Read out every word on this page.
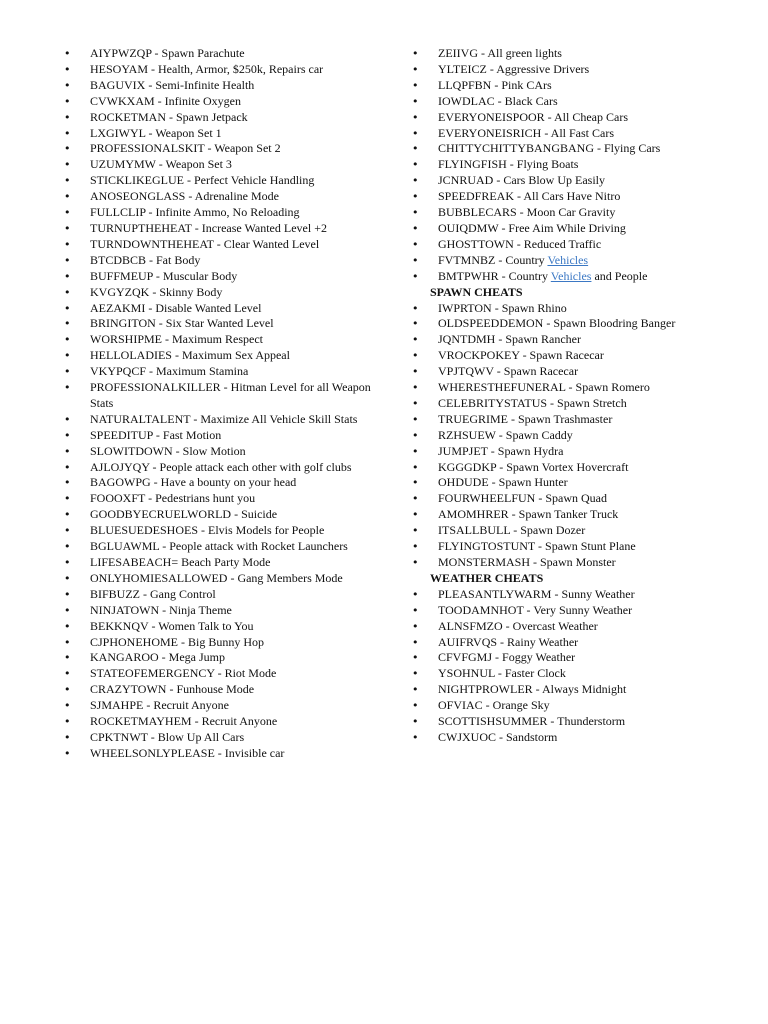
• AIYPWZQP - Spawn Parachute
• HESOYAM - Health, Armor, $250k, Repairs car
• BAGUVIX - Semi-Infinite Health
• CVWKXAM - Infinite Oxygen
• ROCKETMAN - Spawn Jetpack
• LXGIWYL - Weapon Set 1
• PROFESSIONALSKIT - Weapon Set 2
• UZUMYMW - Weapon Set 3
• STICKLIKEGLUE - Perfect Vehicle Handling
• ANOSEONGLASS - Adrenaline Mode
• FULLCLIP - Infinite Ammo, No Reloading
• TURNUPTHEHEAT - Increase Wanted Level +2
• TURNDOWNTHEHEAT - Clear Wanted Level
• BTCDBCB - Fat Body
• BUFFMEUP - Muscular Body
• KVGYZQK - Skinny Body
• AEZAKMI - Disable Wanted Level
• BRINGITON - Six Star Wanted Level
• WORSHIPME - Maximum Respect
• HELLOLADIES - Maximum Sex Appeal
• VKYPQCF - Maximum Stamina
• PROFESSIONALKILLER - Hitman Level for all Weapon Stats
• NATURALTALENT - Maximize All Vehicle Skill Stats
• SPEEDITUP - Fast Motion
• SLOWITDOWN - Slow Motion
• AJLOJYQY - People attack each other with golf clubs
• BAGOWPG - Have a bounty on your head
• FOOOXFT - Pedestrians hunt you
• GOODBYECRUELWORLD - Suicide
• BLUESUEDESHOES - Elvis Models for People
• BGLUAWML - People attack with Rocket Launchers
• LIFESABEACH= Beach Party Mode
• ONLYHOMIESALLOWED - Gang Members Mode
• BIFBUZZ - Gang Control
• NINJATOWN - Ninja Theme
• BEKKNQV - Women Talk to You
• CJPHONEHOME - Big Bunny Hop
• KANGAROO - Mega Jump
• STATEOFEMERGENCY - Riot Mode
• CRAZYTOWN - Funhouse Mode
• SJMAHPE - Recruit Anyone
• ROCKETMAYHEM - Recruit Anyone
• CPKTNWT - Blow Up All Cars
• WHEELSONLYPLEASE - Invisible car
• ZEIIVG - All green lights
• YLTEICZ - Aggressive Drivers
• LLQPFBN - Pink CArs
• IOWDLAC - Black Cars
• EVERYONEISPOOR - All Cheap Cars
• EVERYONEISRICH - All Fast Cars
• CHITTYCHITTYBANGBANG - Flying Cars
• FLYINGFISH - Flying Boats
• JCNRUAD - Cars Blow Up Easily
• SPEEDFREAK - All Cars Have Nitro
• BUBBLECARS - Moon Car Gravity
• OUIQDMW - Free Aim While Driving
• GHOSTTOWN - Reduced Traffic
• FVTMNBZ - Country Vehicles
• BMTPWHR - Country Vehicles and People
SPAWN CHEATS
• IWPRTON - Spawn Rhino
• OLDSPEEDDEMON - Spawn Bloodring Banger
• JQNTDMH - Spawn Rancher
• VROCKPOKEY - Spawn Racecar
• VPJTQWV - Spawn Racecar
• WHERESTHEFUNERAL - Spawn Romero
• CELEBRITYSTATUS - Spawn Stretch
• TRUEGRIME - Spawn Trashmaster
• RZHSUEW - Spawn Caddy
• JUMPJET - Spawn Hydra
• KGGGDKP - Spawn Vortex Hovercraft
• OHDUDE - Spawn Hunter
• FOURWHEELFUN - Spawn Quad
• AMOMHRER - Spawn Tanker Truck
• ITSALLBULL - Spawn Dozer
• FLYINGTOSTUNT - Spawn Stunt Plane
• MONSTERMASH - Spawn Monster
WEATHER CHEATS
• PLEASANTLYWARM - Sunny Weather
• TOODAMNHOT - Very Sunny Weather
• ALNSFMZO - Overcast Weather
• AUIFRVQS - Rainy Weather
• CFVFGMJ - Foggy Weather
• YSOHNUL - Faster Clock
• NIGHTPROWLER - Always Midnight
• OFVIAC - Orange Sky
• SCOTTISHSUMMER - Thunderstorm
• CWJXUOC - Sandstorm
